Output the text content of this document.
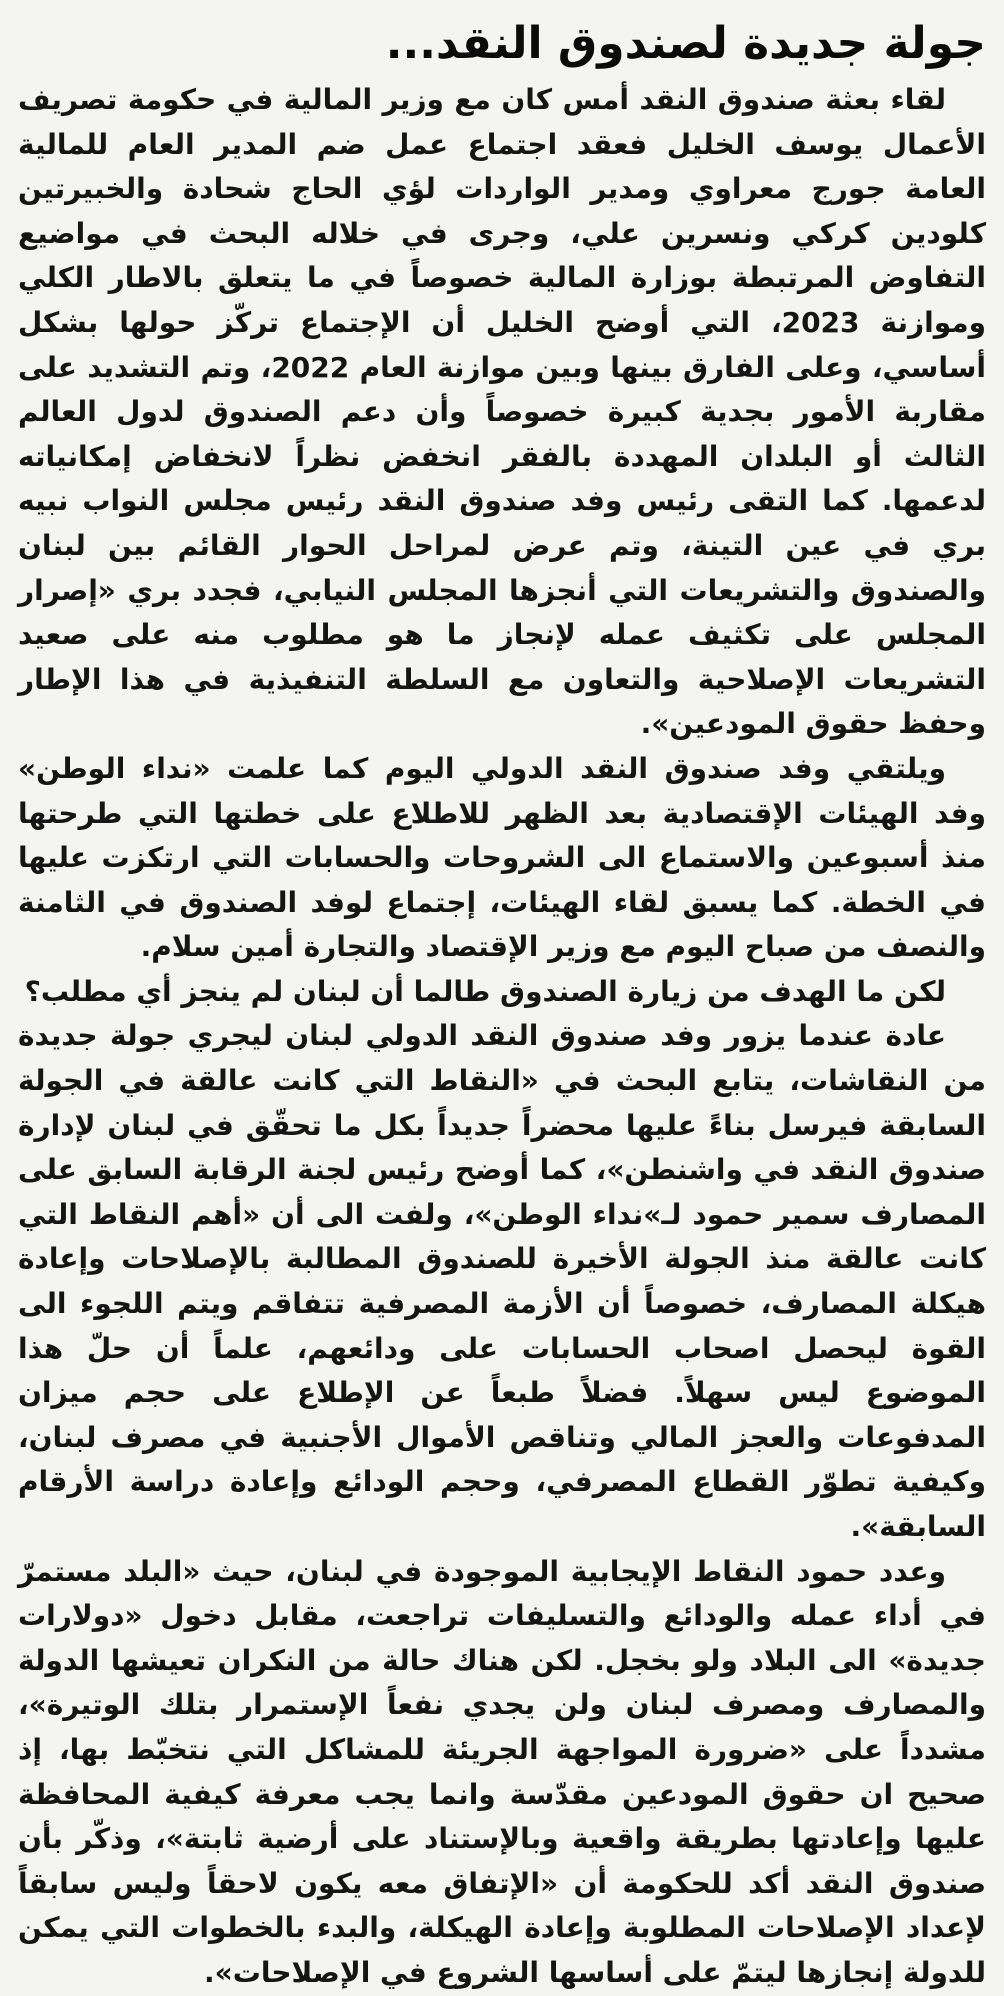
جولة جديدة لصندوق النقد...

لقاء بعثة صندوق النقد أمس كان مع وزير المالية في حكومة تصريف الأعمال يوسف الخليل فعقد اجتماع عمل ضم المدير العام للمالية العامة جورج معراوي ومدير الواردات لؤي الحاج شحادة والخبيرتين كلودين كركي ونسرين علي، وجرى في خلاله البحث في مواضيع التفاوض المرتبطة بوزارة المالية خصوصاً في ما يتعلق بالاطار الكلي وموازنة 2023، التي أوضح الخليل أن الإجتماع تركّز حولها بشكل أساسي، وعلى الفارق بينها وبين موازنة العام 2022، وتم التشديد على مقاربة الأمور بجدية كبيرة خصوصاً وأن دعم الصندوق لدول العالم الثالث أو البلدان المهددة بالفقر انخفض نظراً لانخفاض إمكانياته لدعمها. كما التقى رئيس وفد صندوق النقد رئيس مجلس النواب نبيه بري في عين التينة، وتم عرض لمراحل الحوار القائم بين لبنان والصندوق والتشريعات التي أنجزها المجلس النيابي، فجدد بري «إصرار المجلس على تكثيف عمله لإنجاز ما هو مطلوب منه على صعيد التشريعات الإصلاحية والتعاون مع السلطة التنفيذية في هذا الإطار وحفظ حقوق المودعين».

ويلتقي وفد صندوق النقد الدولي اليوم كما علمت «نداء الوطن» وفد الهيئات الإقتصادية بعد الظهر للاطلاع على خطتها التي طرحتها منذ أسبوعين والاستماع الى الشروحات والحسابات التي ارتكزت عليها في الخطة. كما يسبق لقاء الهيئات، إجتماع لوفد الصندوق في الثامنة والنصف من صباح اليوم مع وزير الإقتصاد والتجارة أمين سلام.

لكن ما الهدف من زيارة الصندوق طالما أن لبنان لم ينجز أي مطلب؟

عادة عندما يزور وفد صندوق النقد الدولي لبنان ليجري جولة جديدة من النقاشات، يتابع البحث في «النقاط التي كانت عالقة في الجولة السابقة فيرسل بناءً عليها محضراً جديداً بكل ما تحقّق في لبنان لإدارة صندوق النقد في واشنطن»، كما أوضح رئيس لجنة الرقابة السابق على المصارف سمير حمود لـ»نداء الوطن»، ولفت الى أن «أهم النقاط التي كانت عالقة منذ الجولة الأخيرة للصندوق المطالبة بالإصلاحات وإعادة هيكلة المصارف، خصوصاً أن الأزمة المصرفية تتفاقم ويتم اللجوء الى القوة ليحصل اصحاب الحسابات على ودائعهم، علماً أن حلّ هذا الموضوع ليس سهلاً. فضلاً طبعاً عن الإطلاع على حجم ميزان المدفوعات والعجز المالي وتناقص الأموال الأجنبية في مصرف لبنان، وكيفية تطوّر القطاع المصرفي، وحجم الودائع وإعادة دراسة الأرقام السابقة».

وعدد حمود النقاط الإيجابية الموجودة في لبنان، حيث «البلد مستمرّ في أداء عمله والودائع والتسليفات تراجعت، مقابل دخول «دولارات جديدة» الى البلاد ولو بخجل. لكن هناك حالة من النكران تعيشها الدولة والمصارف ومصرف لبنان ولن يجدي نفعاً الإستمرار بتلك الوتيرة»، مشدداً على «ضرورة المواجهة الجريئة للمشاكل التي نتخبّط بها، إذ صحيح ان حقوق المودعين مقدّسة وانما يجب معرفة كيفية المحافظة عليها وإعادتها بطريقة واقعية وبالإستناد على أرضية ثابتة»، وذكّر بأن صندوق النقد أكد للحكومة أن «الإتفاق معه يكون لاحقاً وليس سابقاً لإعداد الإصلاحات المطلوبة وإعادة الهيكلة، والبدء بالخطوات التي يمكن للدولة إنجازها ليتمّ على أساسها الشروع في الإصلاحات».
